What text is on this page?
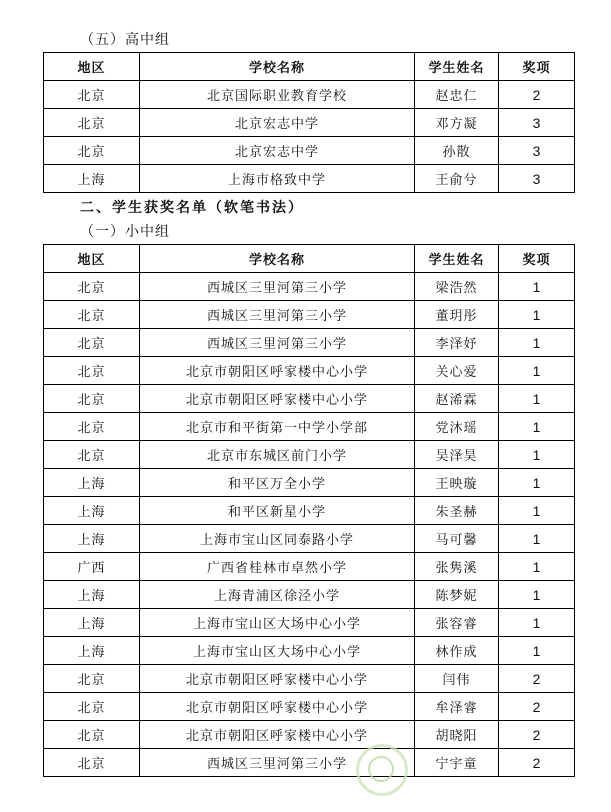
（五）高中组
地区	学校名称	学生姓名	奖项
北京	北京国际职业教育学校	赵忠仁	2
北京	北京宏志中学	邓方凝	3
北京	北京宏志中学	孙散	3
上海	上海市格致中学	王俞兮	3
二、学生获奖名单（软笔书法）
（一）小中组
地区	学校名称	学生姓名	奖项
北京	西城区三里河第三小学	梁浩然	1
北京	西城区三里河第三小学	董玥彤	1
北京	西城区三里河第三小学	李泽妤	1
北京	北京市朝阳区呼家楼中心小学	关心爱	1
北京	北京市朝阳区呼家楼中心小学	赵浠霖	1
北京	北京市和平街第一中学小学部	党沐瑶	1
北京	北京市东城区前门小学	吴泽昊	1
上海	和平区万全小学	王映璇	1
上海	和平区新星小学	朱圣赫	1
上海	上海市宝山区同泰路小学	马可馨	1
广西	广西省桂林市卓然小学	张隽溪	1
上海	上海青浦区徐泾小学	陈梦妮	1
上海	上海市宝山区大场中心小学	张容睿	1
上海	上海市宝山区大场中心小学	林作成	1
北京	北京市朝阳区呼家楼中心小学	闫伟	2
北京	北京市朝阳区呼家楼中心小学	牟泽睿	2
北京	北京市朝阳区呼家楼中心小学	胡晓阳	2
北京	西城区三里河第三小学	宁宇童	2
